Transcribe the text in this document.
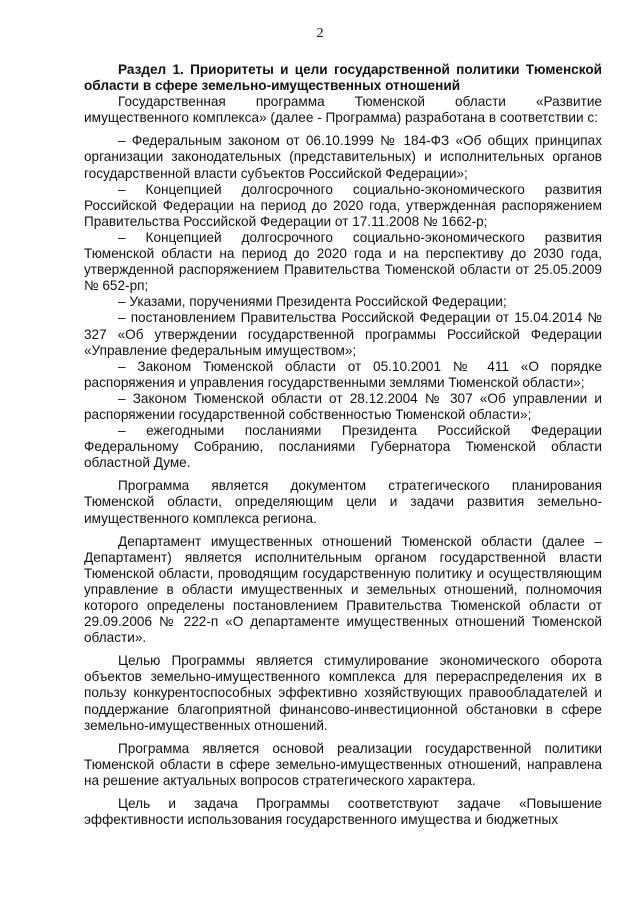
2

Раздел 1. Приоритеты и цели государственной политики Тюменской области в сфере земельно-имущественных отношений

Государственная программа Тюменской области «Развитие имущественного комплекса» (далее - Программа) разработана в соответствии с:

– Федеральным законом от 06.10.1999 № 184-ФЗ «Об общих принципах организации законодательных (представительных) и исполнительных органов государственной власти субъектов Российской Федерации»;

– Концепцией долгосрочного социально-экономического развития Российской Федерации на период до 2020 года, утвержденная распоряжением Правительства Российской Федерации от 17.11.2008 № 1662-р;

– Концепцией долгосрочного социально-экономического развития Тюменской области на период до 2020 года и на перспективу до 2030 года, утвержденной распоряжением Правительства Тюменской области от 25.05.2009 № 652-рп;

– Указами, поручениями Президента Российской Федерации;

– постановлением Правительства Российской Федерации от 15.04.2014 № 327 «Об утверждении государственной программы Российской Федерации «Управление федеральным имуществом»;

– Законом Тюменской области от 05.10.2001 № 411 «О порядке распоряжения и управления государственными землями Тюменской области»;

– Законом Тюменской области от 28.12.2004 № 307 «Об управлении и распоряжении государственной собственностью Тюменской области»;

– ежегодными посланиями Президента Российской Федерации Федеральному Собранию, посланиями Губернатора Тюменской области областной Думе.

Программа является документом стратегического планирования Тюменской области, определяющим цели и задачи развития земельно-имущественного комплекса региона.

Департамент имущественных отношений Тюменской области (далее – Департамент) является исполнительным органом государственной власти Тюменской области, проводящим государственную политику и осуществляющим управление в области имущественных и земельных отношений, полномочия которого определены постановлением Правительства Тюменской области от 29.09.2006 № 222-п «О департаменте имущественных отношений Тюменской области».

Целью Программы является стимулирование экономического оборота объектов земельно-имущественного комплекса для перераспределения их в пользу конкурентоспособных эффективно хозяйствующих правообладателей и поддержание благоприятной финансово-инвестиционной обстановки в сфере земельно-имущественных отношений.

Программа является основой реализации государственной политики Тюменской области в сфере земельно-имущественных отношений, направлена на решение актуальных вопросов стратегического характера.

Цель и задача Программы соответствуют задаче «Повышение эффективности использования государственного имущества и бюджетных
